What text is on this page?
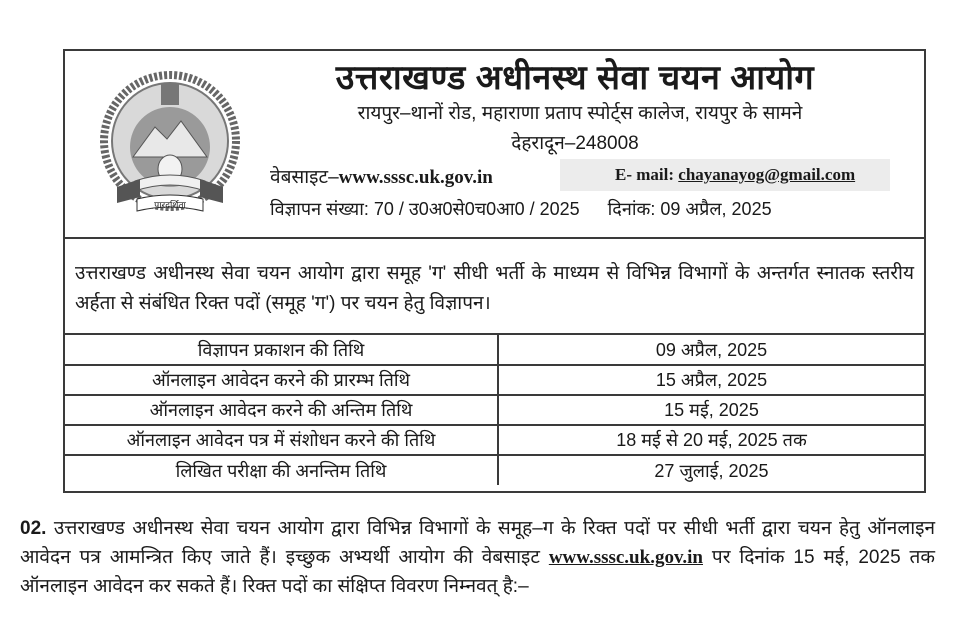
पारदर्शिता
उत्तराखण्ड अधीनस्थ सेवा चयन आयोग
रायपुर–थानों रोड, महाराणा प्रताप स्पोर्ट्स कालेज, रायपुर के सामने
देहरादून–248008
वेबसाइट–www.sssc.uk.gov.in	E- mail: chayanayog@gmail.com
विज्ञापन संख्या: 70 / उ0अ0से0च0आ0 / 2025 दिनांक: 09 अप्रैल, 2025
उत्तराखण्ड अधीनस्थ सेवा चयन आयोग द्वारा समूह 'ग' सीधी भर्ती के माध्यम से विभिन्न विभागों के अन्तर्गत स्नातक स्तरीय अर्हता से संबंधित रिक्त पदों (समूह 'ग') पर चयन हेतु विज्ञापन।
विज्ञापन प्रकाशन की तिथि	09 अप्रैल, 2025
ऑनलाइन आवेदन करने की प्रारम्भ तिथि	15 अप्रैल, 2025
ऑनलाइन आवेदन करने की अन्तिम तिथि	15 मई, 2025
ऑनलाइन आवेदन पत्र में संशोधन करने की तिथि	18 मई से 20 मई, 2025 तक
लिखित परीक्षा की अनन्तिम तिथि	27 जुलाई, 2025
02. उत्तराखण्ड अधीनस्थ सेवा चयन आयोग द्वारा विभिन्न विभागों के समूह–ग के रिक्त पदों पर सीधी भर्ती द्वारा चयन हेतु ऑनलाइन आवेदन पत्र आमन्त्रित किए जाते हैं। इच्छुक अभ्यर्थी आयोग की वेबसाइट www.sssc.uk.gov.in पर दिनांक 15 मई, 2025 तक ऑनलाइन आवेदन कर सकते हैं। रिक्त पदों का संक्षिप्त विवरण निम्नवत् है:–
